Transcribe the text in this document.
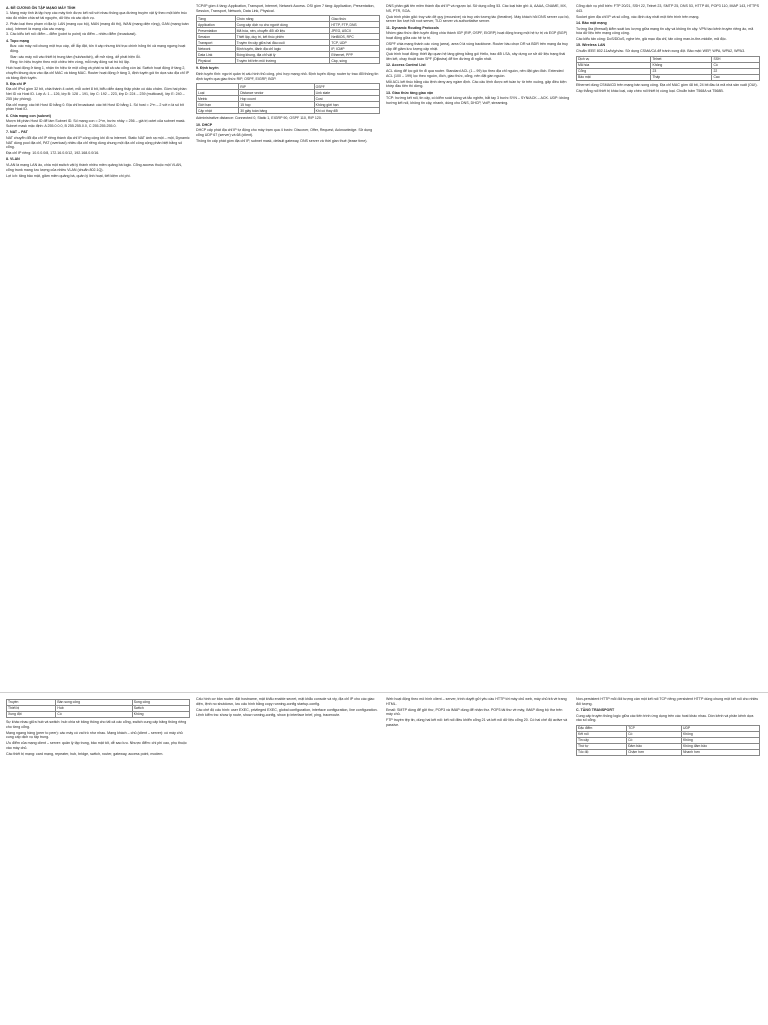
A. ĐỀ CƯƠNG ÔN TẬP MẠNG MÁY TÍNH
1. Mạng máy tính là tập hợp các máy tính được kết nối với nhau thông qua đường truyền vật lý theo một kiến trúc nào đó nhằm chia sẻ tài nguyên, dữ liệu và các dịch vụ.
2. Phân loại theo phạm vi địa lý: LAN (mạng cục bộ), MAN (mạng đô thị), WAN (mạng diện rộng), GAN (mạng toàn cầu). Internet là mạng của các mạng.
3. Các kiểu kết nối: điểm – điểm (point to point) và điểm – nhiều điểm (broadcast).
4. Topo mạng
Bus: các máy nối chung một trục cáp, dễ lắp đặt, tốn ít cáp nhưng khi trục chính hỏng thì cả mạng ngưng hoạt động.
Star: các máy nối vào thiết bị trung tâm (hub/switch), dễ mở rộng, dễ phát hiện lỗi.
Ring: tín hiệu truyền theo một chiều trên vòng, mỗi máy đóng vai trò bộ lặp.
Hub hoạt động ở tầng 1, nhận tín hiệu từ một cổng và phát ra tất cả các cổng còn lại. Switch hoạt động ở tầng 2, chuyển khung dựa vào địa chỉ MAC và bảng MAC. Router hoạt động ở tầng 3, định tuyến gói tin dựa vào địa chỉ IP và bảng định tuyến.
5. Địa chỉ IP
Địa chỉ IPv4 gồm 32 bit, chia thành 4 octet, mỗi octet 8 bit, biểu diễn dạng thập phân có dấu chấm. Gồm hai phần: Net ID và Host ID. Lớp A: 1 – 126, lớp B: 128 – 191, lớp C: 192 – 223, lớp D: 224 – 239 (multicast), lớp E: 240 – 255 (dự phòng).
Địa chỉ mạng: các bit Host ID bằng 0. Địa chỉ broadcast: các bit Host ID bằng 1. Số host = 2^n – 2 với n là số bit phần Host ID.
6. Chia mạng con (subnet)
Mượn bit phần Host ID để làm Subnet ID. Số mạng con = 2^m, bước nhảy = 256 – giá trị octet của subnet mask. Subnet mask mặc định: A 255.0.0.0, B 255.255.0.0, C 255.255.255.0.
7. NAT – PAT
NAT chuyển đổi địa chỉ IP riêng thành địa chỉ IP công cộng khi đi ra Internet. Static NAT ánh xạ một – một, Dynamic NAT dùng pool địa chỉ, PAT (overload) nhiều địa chỉ riêng dùng chung một địa chỉ công cộng phân biệt bằng số cổng.
Địa chỉ IP riêng: 10.0.0.0/8, 172.16.0.0/12, 192.168.0.0/16.
8. VLAN
VLAN là mạng LAN ảo, chia một switch vật lý thành nhiều miền quảng bá logic. Cổng access thuộc một VLAN, cổng trunk mang lưu lượng của nhiều VLAN (chuẩn 802.1Q).
Lợi ích: tăng bảo mật, giảm miền quảng bá, quản lý linh hoạt, tiết kiệm chi phí.
TCP/IP gồm 4 tầng: Application, Transport, Internet, Network Access. OSI gồm 7 tầng: Application, Presentation, Session, Transport, Network, Data Link, Physical.
Tầng	Chức năng	Giao thức
Application	Cung cấp dịch vụ cho người dùng	HTTP, FTP, DNS
Presentation	Mã hóa, nén, chuyển đổi dữ liệu	JPEG, ASCII
Session	Thiết lập, duy trì, kết thúc phiên	NetBIOS, RPC
Transport	Truyền tin cậy giữa hai đầu cuối	TCP, UDP
Network	Định tuyến, đánh địa chỉ logic	IP, ICMP
Data Link	Đóng khung, địa chỉ vật lý	Ethernet, PPP
Physical	Truyền bit trên môi trường	Cáp, sóng
9. Định tuyến
Định tuyến tĩnh: người quản trị cấu hình thủ công, phù hợp mạng nhỏ. Định tuyến động: router tự trao đổi thông tin định tuyến qua giao thức RIP, OSPF, EIGRP, BGP.
	RIP	OSPF
Loại	Distance vector	Link state
Metric	Hop count	Cost
Giới hạn	15 hop	Không giới hạn
Cập nhật	30 giây toàn bảng	Khi có thay đổi
Administrative distance: Connected 0, Static 1, EIGRP 90, OSPF 110, RIP 120.
10. DHCP
DHCP cấp phát địa chỉ IP tự động cho máy trạm qua 4 bước: Discover, Offer, Request, Acknowledge. Sử dụng cổng UDP 67 (server) và 68 (client).
Thông tin cấp phát gồm địa chỉ IP, subnet mask, default gateway, DNS server và thời gian thuê (lease time).
DNS phân giải tên miền thành địa chỉ IP và ngược lại. Sử dụng cổng 53. Các loại bản ghi: A, AAAA, CNAME, MX, NS, PTR, SOA.
Quá trình phân giải: truy vấn đệ quy (recursive) và truy vấn tương tác (iterative). Máy khách hỏi DNS server cục bộ, server lần lượt hỏi root server, TLD server và authoritative server.
11. Dynamic Routing Protocols
Nhóm giao thức định tuyến động chia thành IGP (RIP, OSPF, EIGRP) hoạt động trong một hệ tự trị và EGP (BGP) hoạt động giữa các hệ tự trị.
OSPF chia mạng thành các vùng (area), area 0 là vùng backbone. Router bầu chọn DR và BDR trên mạng đa truy cập để giảm lưu lượng cập nhật.
Quá trình hoạt động: thiết lập quan hệ láng giềng bằng gói Hello, trao đổi LSA, xây dựng cơ sở dữ liệu trạng thái liên kết, chạy thuật toán SPF (Dijkstra) để tìm đường đi ngắn nhất.
12. Access Control List
ACL dùng để lọc gói tin đi qua router. Standard ACL (1 – 99) lọc theo địa chỉ nguồn, nên đặt gần đích. Extended ACL (100 – 199) lọc theo nguồn, đích, giao thức, cổng, nên đặt gần nguồn.
Mỗi ACL kết thúc bằng câu lệnh deny any ngầm định. Các câu lệnh được xét tuần tự từ trên xuống, gặp điều kiện khớp đầu tiên thì dừng.
13. Giao thức tầng giao vận
TCP: hướng kết nối, tin cậy, có kiểm soát luồng và tắc nghẽn, bắt tay 3 bước SYN – SYN/ACK – ACK. UDP: không hướng kết nối, không tin cậy, nhanh, dùng cho DNS, DHCP, VoIP, streaming.
Cổng dịch vụ phổ biến: FTP 20/21, SSH 22, Telnet 23, SMTP 25, DNS 53, HTTP 80, POP3 110, IMAP 143, HTTPS 443.
Socket gồm địa chỉ IP và số cổng, xác định duy nhất một tiến trình trên mạng.
14. Bảo mật mạng
Tường lửa (firewall) kiểm soát lưu lượng giữa mạng tin cậy và không tin cậy. VPN tạo kênh truyền riêng ảo, mã hóa dữ liệu trên mạng công cộng.
Các kiểu tấn công: DoS/DDoS, nghe lén, giả mạo địa chỉ, tấn công man-in-the-middle, mã độc.
15. Wireless LAN
Chuẩn IEEE 802.11a/b/g/n/ac. Sử dụng CSMA/CA để tránh xung đột. Bảo mật: WEP, WPA, WPA2, WPA3.
Dịch vụ	Telnet	SSH
Mã hóa	Không	Có
Cổng	23	22
Bảo mật	Thấp	Cao
Ethernet dùng CSMA/CD trên mạng bán song công. Địa chỉ MAC gồm 48 bit, 24 bit đầu là mã nhà sản xuất (OUI).
Cáp thẳng nối thiết bị khác loại, cáp chéo nối thiết bị cùng loại. Chuẩn bấm T568A và T568B.
Truyền	Bán song công	Song công
Thiết bị	Hub	Switch
Xung đột	Có	Không
Sự khác nhau giữa hub và switch: hub chia sẻ băng thông cho tất cả các cổng, switch cung cấp băng thông riêng cho từng cổng.
Mạng ngang hàng (peer to peer): các máy có vai trò như nhau. Mạng khách – chủ (client – server): có máy chủ cung cấp dịch vụ tập trung.
Ưu điểm của mạng client – server: quản lý tập trung, bảo mật tốt, dễ sao lưu. Nhược điểm: chi phí cao, phụ thuộc vào máy chủ.
Các thiết bị mạng: card mạng, repeater, hub, bridge, switch, router, gateway, access point, modem.
Cấu hình cơ bản router: đặt hostname, mật khẩu enable secret, mật khẩu console và vty, địa chỉ IP cho các giao diện, lệnh no shutdown, lưu cấu hình bằng copy running-config startup-config.
Các chế độ cấu hình: user EXEC, privileged EXEC, global configuration, interface configuration, line configuration.
Lệnh kiểm tra: show ip route, show running-config, show ip interface brief, ping, traceroute.
Web hoạt động theo mô hình client – server, trình duyệt gửi yêu cầu HTTP tới máy chủ web, máy chủ trả về trang HTML.
Email: SMTP dùng để gửi thư, POP3 và IMAP dùng để nhận thư. POP3 tải thư về máy, IMAP đồng bộ thư trên máy chủ.
FTP truyền tệp tin, dùng hai kết nối: kết nối điều khiển cổng 21 và kết nối dữ liệu cổng 20. Có hai chế độ active và passive.
Non-persistent HTTP mỗi đối tượng cần một kết nối TCP riêng; persistent HTTP dùng chung một kết nối cho nhiều đối tượng.
C. TẦNG TRANSPORT
Cung cấp truyền thông logic giữa các tiến trình ứng dụng trên các host khác nhau. Dồn kênh và phân kênh dựa vào số cổng.
Đặc điểm	TCP	UDP
Kết nối	Có	Không
Tin cậy	Có	Không
Thứ tự	Đảm bảo	Không đảm bảo
Tốc độ	Chậm hơn	Nhanh hơn
